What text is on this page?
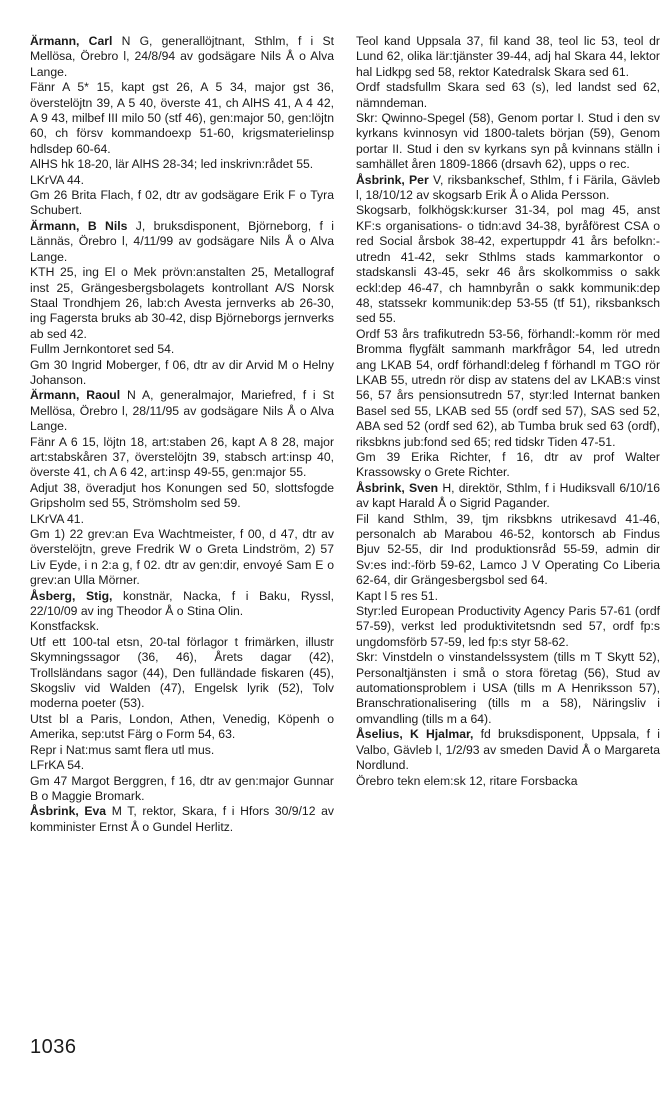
Ärmann, Carl N G, generallöjtnant, Sthlm, f i St Mellösa, Örebro l, 24/8/94 av godsägare Nils Å o Alva Lange.

Fänr A 5* 15, kapt gst 26, A 5 34, major gst 36, överstelöjtn 39, A 5 40, överste 41, ch AlHS 41, A 4 42, A 9 43, milbef III milo 50 (stf 46), gen:major 50, gen:löjtn 60, ch försv kommandoexp 51-60, krigsmaterielinsp hdlsdep 60-64.

AlHS hk 18-20, lär AlHS 28-34; led inskrivn:rådet 55.

LKrVA 44.

Gm 26 Brita Flach, f 02, dtr av godsägare Erik F o Tyra Schubert.

Ärmann, B Nils J, bruksdisponent, Björneborg, f i Lännäs, Örebro l, 4/11/99 av godsägare Nils Å o Alva Lange.

KTH 25, ing El o Mek prövn:anstalten 25, Metallograf inst 25, Grängesbergsbolagets kontrollant A/S Norsk Staal Trondhjem 26, lab:ch Avesta jernverks ab 26-30, ing Fagersta bruks ab 30-42, disp Björneborgs jernverks ab sed 42.

Fullm Jernkontoret sed 54.

Gm 30 Ingrid Moberger, f 06, dtr av dir Arvid M o Helny Johanson.

Ärmann, Raoul N A, generalmajor, Mariefred, f i St Mellösa, Örebro l, 28/11/95 av godsägare Nils Å o Alva Lange.

Fänr A 6 15, löjtn 18, art:staben 26, kapt A 8 28, major art:stabskåren 37, överstelöjtn 39, stabsch art:insp 40, överste 41, ch A 6 42, art:insp 49-55, gen:major 55.

Adjut 38, överadjut hos Konungen sed 50, slottsfogde Gripsholm sed 55, Strömsholm sed 59.

LKrVA 41.

Gm 1) 22 grev:an Eva Wachtmeister, f 00, d 47, dtr av överstelöjtn, greve Fredrik W o Greta Lindström, 2) 57 Liv Eyde, i n 2:a g, f 02. dtr av gen:dir, envoyé Sam E o grev:an Ulla Mörner.

Åsberg, Stig, konstnär, Nacka, f i Baku, Ryssl, 22/10/09 av ing Theodor Å o Stina Olin.

Konstfacksk.

Utf ett 100-tal etsn, 20-tal förlagor t frimärken, illustr Skymningssagor (36, 46), Årets dagar (42), Trollsländans sagor (44), Den fulländade fiskaren (45), Skogsliv vid Walden (47), Engelsk lyrik (52), Tolv moderna poeter (53).

Utst bl a Paris, London, Athen, Venedig, Köpenh o Amerika, sep:utst Färg o Form 54, 63.

Repr i Nat:mus samt flera utl mus.

LFrKA 54.

Gm 47 Margot Berggren, f 16, dtr av gen:major Gunnar B o Maggie Bromark.

Åsbrink, Eva M T, rektor, Skara, f i Hfors 30/9/12 av komminister Ernst Å o Gundel Herlitz.

Teol kand Uppsala 37, fil kand 38, teol lic 53, teol dr Lund 62, olika lär:tjänster 39-44, adj hal Skara 44, lektor hal Lidkpg sed 58, rektor Katedralsk Skara sed 61.

Ordf stadsfullm Skara sed 63 (s), led landst sed 62, nämndeman.

Skr: Qwinno-Spegel (58), Genom portar I. Stud i den sv kyrkans kvinnosyn vid 1800-talets början (59), Genom portar II. Stud i den sv kyrkans syn på kvinnans ställn i samhället åren 1809-1866 (drsavh 62), upps o rec.

Åsbrink, Per V, riksbankschef, Sthlm, f i Färila, Gävleb l, 18/10/12 av skogsarb Erik Å o Alida Persson.

Skogsarb, folkhögsk:kurser 31-34, pol mag 45, anst KF:s organisations- o tidn:avd 34-38, byråförest CSA o red Social årsbok 38-42, expertuppdr 41 års befolkn:-utredn 41-42, sekr Sthlms stads kammarkontor o stadskansli 43-45, sekr 46 års skolkommiss o sakk eckl:dep 46-47, ch hamnbyrån o sakk kommunik:dep 48, statssekr kommunik:dep 53-55 (tf 51), riksbanksch sed 55.

Ordf 53 års trafikutredn 53-56, förhandl:-komm rör med Bromma flygfält sammanh markfrågor 54, led utredn ang LKAB 54, ordf förhandl:deleg f förhandl m TGO rör LKAB 55, utredn rör disp av statens del av LKAB:s vinst 56, 57 års pensionsutredn 57, styr:led Internat banken Basel sed 55, LKAB sed 55 (ordf sed 57), SAS sed 52, ABA sed 52 (ordf sed 62), ab Tumba bruk sed 63 (ordf), riksbkns jub:fond sed 65; red tidskr Tiden 47-51.

Gm 39 Erika Richter, f 16, dtr av prof Walter Krassowsky o Grete Richter.

Åsbrink, Sven H, direktör, Sthlm, f i Hudiksvall 6/10/16 av kapt Harald Å o Sigrid Pagander.

Fil kand Sthlm, 39, tjm riksbkns utrikesavd 41-46, personalch ab Marabou 46-52, kontorsch ab Findus Bjuv 52-55, dir Ind produktionsråd 55-59, admin dir Sv:es ind:-förb 59-62, Lamco J V Operating Co Liberia 62-64, dir Grängesbergsbol sed 64.

Kapt l 5 res 51.

Styr:led European Productivity Agency Paris 57-61 (ordf 57-59), verkst led produktivitetsndn sed 57, ordf fp:s ungdomsförb 57-59, led fp:s styr 58-62.

Skr: Vinstdeln o vinstandelssystem (tills m T Skytt 52), Personaltjänsten i små o stora företag (56), Stud av automationsproblem i USA (tills m A Henriksson 57), Branschrationalisering (tills m a 58), Näringsliv i omvandling (tills m a 64).

Åselius, K Hjalmar, fd bruksdisponent, Uppsala, f i Valbo, Gävleb l, 1/2/93 av smeden David Å o Margareta Nordlund.

Örebro tekn elem:sk 12, ritare Forsbacka

1036
